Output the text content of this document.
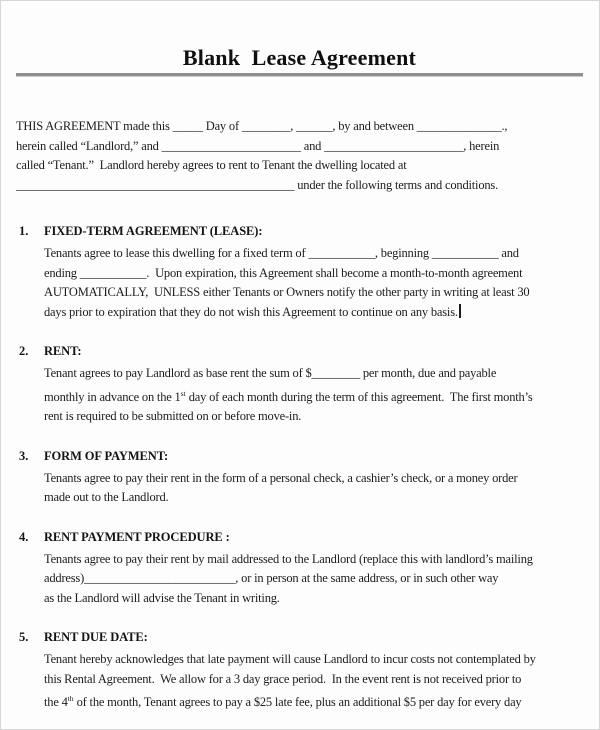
Blank  Lease Agreement
THIS AGREEMENT made this _____ Day of ________, ______, by and between ______________.,
herein called “Landlord,” and _______________________ and _______________________, herein
called “Tenant.”  Landlord hereby agrees to rent to Tenant the dwelling located at
______________________________________________ under the following terms and conditions.
1.	FIXED-TERM AGREEMENT (LEASE):
Tenants agree to lease this dwelling for a fixed term of ___________, beginning ___________ and
ending ___________.  Upon expiration, this Agreement shall become a month-to-month agreement
AUTOMATICALLY,  UNLESS either Tenants or Owners notify the other party in writing at least 30
days prior to expiration that they do not wish this Agreement to continue on any basis.
2.	RENT:
Tenant agrees to pay Landlord as base rent the sum of $________ per month, due and payable
monthly in advance on the 1st day of each month during the term of this agreement.  The first month’s
rent is required to be submitted on or before move-in.
3.	FORM OF PAYMENT:
Tenants agree to pay their rent in the form of a personal check, a cashier’s check, or a money order
made out to the Landlord.
4.	RENT PAYMENT PROCEDURE :
Tenants agree to pay their rent by mail addressed to the Landlord (replace this with landlord’s mailing
address)_________________________, or in person at the same address, or in such other way
as the Landlord will advise the Tenant in writing.
5.	RENT DUE DATE:
Tenant hereby acknowledges that late payment will cause Landlord to incur costs not contemplated by
this Rental Agreement.  We allow for a 3 day grace period.  In the event rent is not received prior to
the 4th of the month, Tenant agrees to pay a $25 late fee, plus an additional $5 per day for every day
